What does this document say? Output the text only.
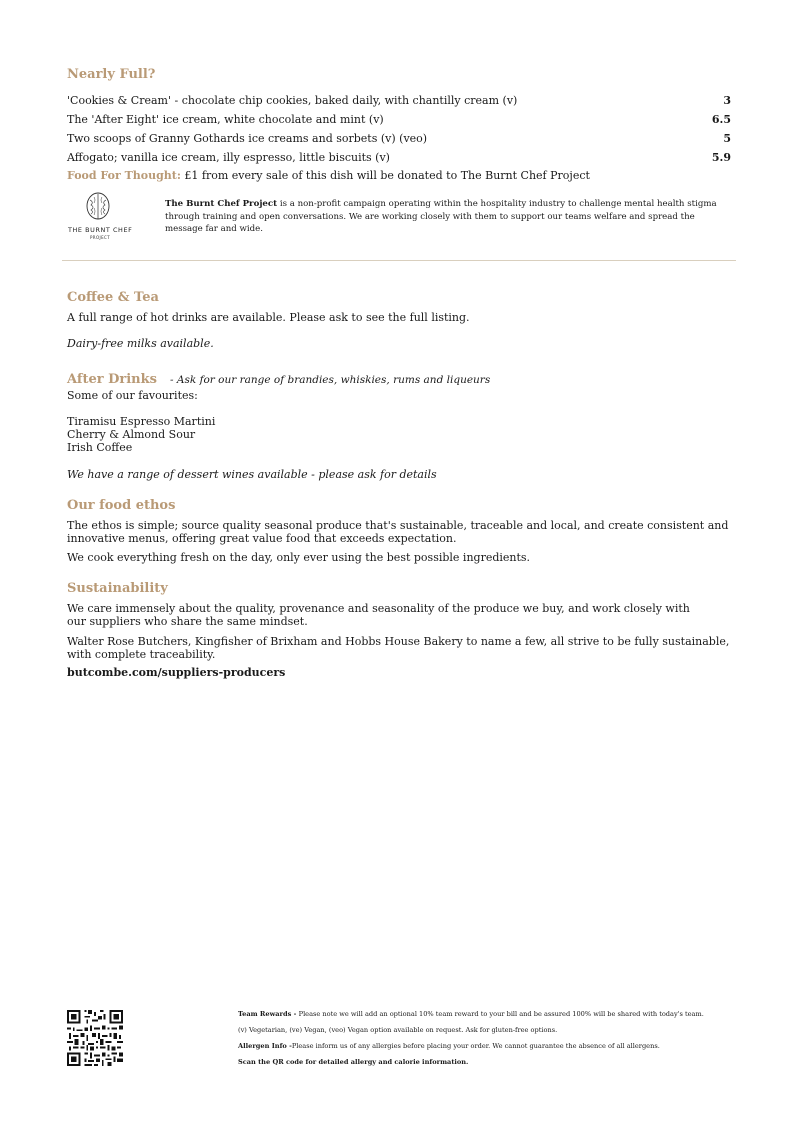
Nearly Full?
'Cookies & Cream' - chocolate chip cookies, baked daily, with chantilly cream (v)	3
The 'After Eight' ice cream, white chocolate and mint (v)	6.5
Two scoops of Granny Gothards ice creams and sorbets (v) (veo)	5
Affogato; vanilla ice cream, illy espresso, little biscuits (v)	5.9
Food For Thought: £1 from every sale of this dish will be donated to The Burnt Chef Project
THE BURNT CHEF
PROJECT
The Burnt Chef Project is a non-profit campaign operating within the hospitality industry to challenge mental health stigma through training and open conversations. We are working closely with them to support our teams welfare and spread the message far and wide.
Coffee & Tea
A full range of hot drinks are available. Please ask to see the full listing.
Dairy-free milks available.
After Drinks - Ask for our range of brandies, whiskies, rums and liqueurs
Some of our favourites:
Tiramisu Espresso Martini
Cherry & Almond Sour
Irish Coffee
We have a range of dessert wines available - please ask for details
Our food ethos
The ethos is simple; source quality seasonal produce that's sustainable, traceable and local, and create consistent and innovative menus, offering great value food that exceeds expectation.
We cook everything fresh on the day, only ever using the best possible ingredients.
Sustainability
We care immensely about the quality, provenance and seasonality of the produce we buy, and work closely with our suppliers who share the same mindset.
Walter Rose Butchers, Kingfisher of Brixham and Hobbs House Bakery to name a few, all strive to be fully sustainable, with complete traceability.
butcombe.com/suppliers-producers
Team Rewards - Please note we will add an optional 10% team reward to your bill and be assured 100% will be shared with today's team.
(v) Vegetarian, (ve) Vegan, (veo) Vegan option available on request. Ask for gluten-free options.
Allergen Info -Please inform us of any allergies before placing your order. We cannot guarantee the absence of all allergens.
Scan the QR code for detailed allergy and calorie information.
